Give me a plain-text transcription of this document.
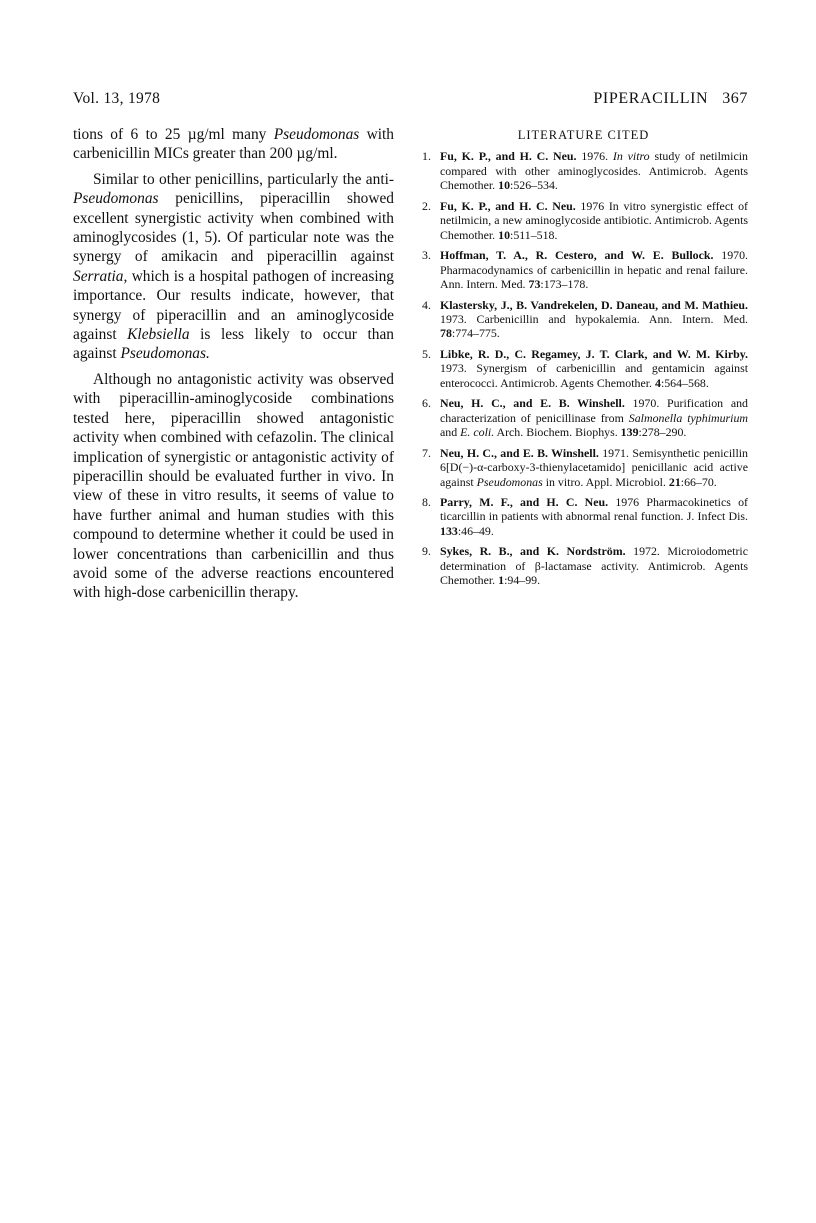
Vol. 13, 1978	PIPERACILLIN 367

tions of 6 to 25 µg/ml many Pseudomonas with carbenicillin MICs greater than 200 µg/ml.

Similar to other penicillins, particularly the anti-Pseudomonas penicillins, piperacillin showed excellent synergistic activity when combined with aminoglycosides (1, 5). Of particular note was the synergy of amikacin and piperacillin against Serratia, which is a hospital pathogen of increasing importance. Our results indicate, however, that synergy of piperacillin and an aminoglycoside against Klebsiella is less likely to occur than against Pseudomonas.

Although no antagonistic activity was observed with piperacillin-aminoglycoside combinations tested here, piperacillin showed antagonistic activity when combined with cefazolin. The clinical implication of synergistic or antagonistic activity of piperacillin should be evaluated further in vivo. In view of these in vitro results, it seems of value to have further animal and human studies with this compound to determine whether it could be used in lower concentrations than carbenicillin and thus avoid some of the adverse reactions encountered with high-dose carbenicillin therapy.

LITERATURE CITED
1. Fu, K. P., and H. C. Neu. 1976. In vitro study of netilmicin compared with other aminoglycosides. Antimicrob. Agents Chemother. 10:526–534.
2. Fu, K. P., and H. C. Neu. 1976 In vitro synergistic effect of netilmicin, a new aminoglycoside antibiotic. Antimicrob. Agents Chemother. 10:511–518.
3. Hoffman, T. A., R. Cestero, and W. E. Bullock. 1970. Pharmacodynamics of carbenicillin in hepatic and renal failure. Ann. Intern. Med. 73:173–178.
4. Klastersky, J., B. Vandrekelen, D. Daneau, and M. Mathieu. 1973. Carbenicillin and hypokalemia. Ann. Intern. Med. 78:774–775.
5. Libke, R. D., C. Regamey, J. T. Clark, and W. M. Kirby. 1973. Synergism of carbenicillin and gentamicin against enterococci. Antimicrob. Agents Chemother. 4:564–568.
6. Neu, H. C., and E. B. Winshell. 1970. Purification and characterization of penicillinase from Salmonella typhimurium and E. coli. Arch. Biochem. Biophys. 139:278–290.
7. Neu, H. C., and E. B. Winshell. 1971. Semisynthetic penicillin 6[D(−)-α-carboxy-3-thienylacetamido] penicillanic acid active against Pseudomonas in vitro. Appl. Microbiol. 21:66–70.
8. Parry, M. F., and H. C. Neu. 1976 Pharmacokinetics of ticarcillin in patients with abnormal renal function. J. Infect Dis. 133:46–49.
9. Sykes, R. B., and K. Nordström. 1972. Microiodometric determination of β-lactamase activity. Antimicrob. Agents Chemother. 1:94–99.
